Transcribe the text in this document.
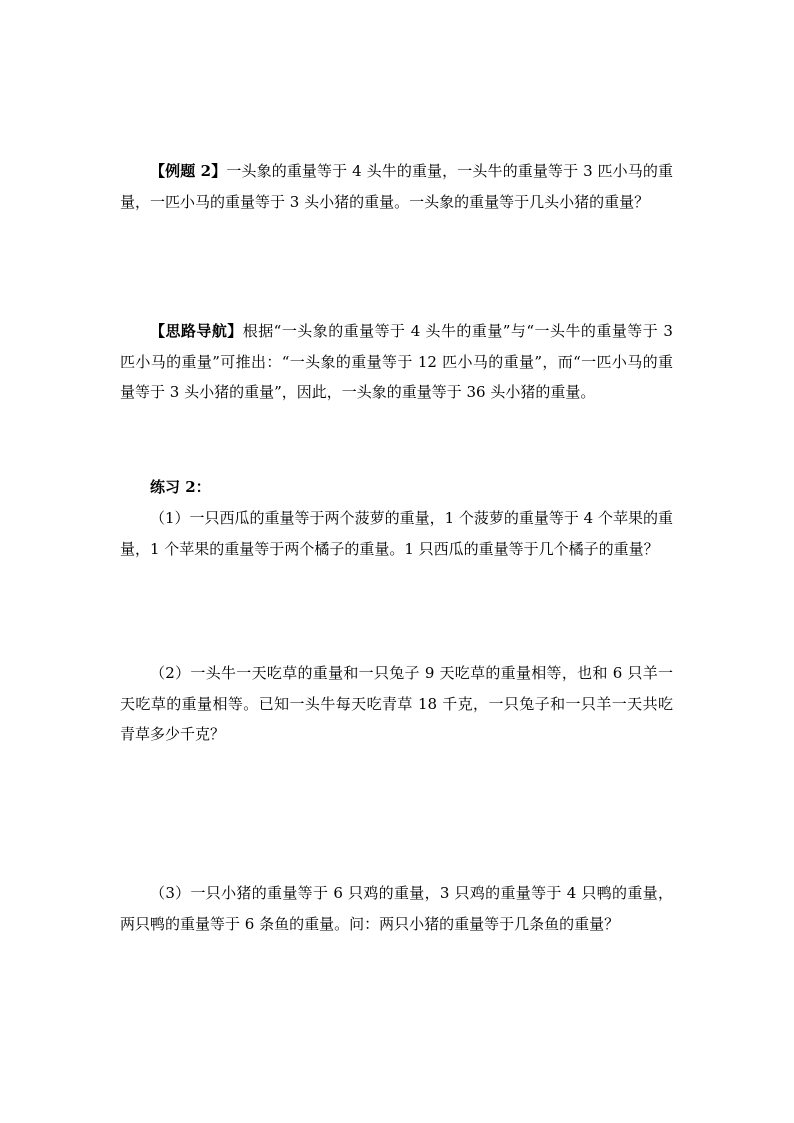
【例题 2】一头象的重量等于 4 头牛的重量，一头牛的重量等于 3 匹小马的重量，一匹小马的重量等于 3 头小猪的重量。一头象的重量等于几头小猪的重量？

【思路导航】根据“一头象的重量等于 4 头牛的重量”与“一头牛的重量等于 3 匹小马的重量”可推出：“一头象的重量等于 12 匹小马的重量”，而“一匹小马的重量等于 3 头小猪的重量”，因此，一头象的重量等于 36 头小猪的重量。

练习 2：

（1）一只西瓜的重量等于两个菠萝的重量，1 个菠萝的重量等于 4 个苹果的重量，1 个苹果的重量等于两个橘子的重量。1 只西瓜的重量等于几个橘子的重量？

（2）一头牛一天吃草的重量和一只兔子 9 天吃草的重量相等，也和 6 只羊一天吃草的重量相等。已知一头牛每天吃青草 18 千克，一只兔子和一只羊一天共吃青草多少千克？

（3）一只小猪的重量等于 6 只鸡的重量，3 只鸡的重量等于 4 只鸭的重量，两只鸭的重量等于 6 条鱼的重量。问：两只小猪的重量等于几条鱼的重量？
